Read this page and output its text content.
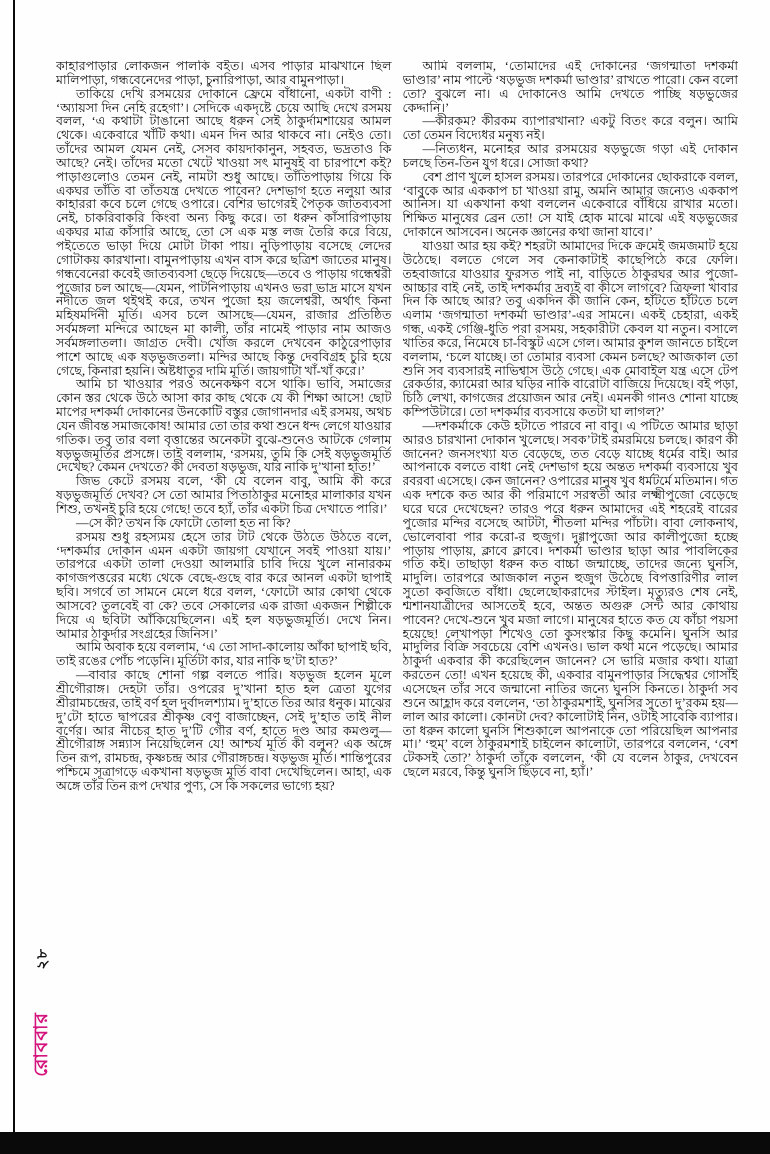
২৮
রোববার

কাহারপাড়ার লোকজন পালকি বইত। এসব পাড়ার মাঝখানে ছিল মালিপাড়া, গন্ধবেনেদের পাড়া, চুনারিপাড়া, আর বামুনপাড়া।

তাকিয়ে দেখি রসময়ের দোকানে ফ্রেমে বাঁধানো, একটা বাণী : ‘অ্যায়সা দিন নেহি রহেগা’। সেদিকে একদৃষ্টে চেয়ে আছি দেখে রসময় বলল, ‘এ কথাটা টাঙানো আছে ধরুন সেই ঠাকুর্দামশায়ের আমল থেকে। একেবারে খাঁটি কথা। এমন দিন আর থাকবে না। নেইও তো। তাঁদের আমল যেমন নেই, সেসব কায়দাকানুন, সহবত, ভদ্রতাও কি আছে? নেই। তাঁদের মতো খেটে খাওয়া সৎ মানুষই বা চারপাশে কই? পাড়াগুলোও তেমন নেই, নামটা শুধু আছে। তাঁতিপাড়ায় গিয়ে কি একঘর তাঁতি বা তাঁতযন্ত্র দেখতে পাবেন? দেশভাগ হতে নলুয়া আর কাহাররা কবে চলে গেছে ওপারে। বেশির ভাগেরই পৈতৃক জাতব্যবসা নেই, চাকরিবাকরি কিংবা অন্য কিছু করে। তা ধরুন কাঁসারিপাড়ায় একঘর মাত্র কাঁসারি আছে, তো সে এক মস্ত লজ তৈরি করে বিয়ে, পইতেতে ভাড়া দিয়ে মোটা টাকা পায়। নুড়িপাড়ায় বসেছে লেদের গোটাকয় কারখানা। বামুনপাড়ায় এখন বাস করে ছত্রিশ জাতের মানুষ। গন্ধবেনেরা কবেই জাতব্যবসা ছেড়ে দিয়েছে—তবে ও পাড়ায় গন্ধেশ্বরী পুজোর চল আছে—যেমন, পাটনিপাড়ায় এখনও ভরা ভাদ্র মাসে যখন নদীতে জল থইথই করে, তখন পুজো হয় জলেশ্বরী, অর্থাৎ কিনা মহিষমর্দিনী মূর্তি। এসব চলে আসছে—যেমন, রাজার প্রতিষ্ঠিত সর্বমঙ্গলা মন্দিরে আছেন মা কালী, তাঁর নামেই পাড়ার নাম আজও সর্বমঙ্গলাতলা। জাগ্রত দেবী। খোঁজ করলে দেখবেন কাঠুরেপাড়ার পাশে আছে এক ষড়ভুজতলা। মন্দির আছে কিন্তু দেববিগ্রহ চুরি হয়ে গেছে, কিনারা হয়নি। অষ্টধাতুর দামি মূর্তি। জায়গাটা খাঁ-খাঁ করে।’

আমি চা খাওয়ার পরও অনেকক্ষণ বসে থাকি। ভাবি, সমাজের কোন স্তর থেকে উঠে আসা কার কাছ থেকে যে কী শিক্ষা আসে! ছোট মাপের দশকর্মা দোকানের উনকোটি বস্তুর জোগানদার এই রসময়, অথচ যেন জীবন্ত সমাজকোষ! আমার তো তার কথা শুনে ধন্দ লেগে যাওয়ার গতিক। তবু তার বলা বৃত্তান্তের অনেকটা বুঝে-শুনেও আটকে গেলাম ষড়ভুজমূর্তির প্রসঙ্গে। তাই বললাম, ‘রসময়, তুমি কি সেই ষড়ভুজমূর্তি দেখেছ? কেমন দেখতে? কী দেবতা ষড়ভুজ, যার নাকি দু’খানা হাত!’

জিভ কেটে রসময় বলে, ‘কী যে বলেন বাবু, আমি কী করে ষড়ভুজমূর্তি দেখব? সে তো আমার পিতাঠাকুর মনোহর মালাকার যখন শিশু, তখনই চুরি হয়ে গেছে! তবে হ্যাঁ, তাঁর একটা চিত্র দেখাতে পারি।’

—সে কী? তখন কি ফোটো তোলা হত না কি?

রসময় শুধু রহস্যময় হেসে তার টাট থেকে উঠতে উঠতে বলে, ‘দশকর্মার দোকান এমন একটা জায়গা যেখানে সবই পাওয়া যায়।’ তারপরে একটা তালা দেওয়া আলমারি চাবি দিয়ে খুলে নানারকম কাগজপত্তরের মধ্যে থেকে বেছে-গুছে বার করে আনল একটা ছাপাই ছবি। সগর্বে তা সামনে মেলে ধরে বলল, ‘ফোটো আর কোথা থেকে আসবে? তুলবেই বা কে? তবে সেকালের এক রাজা একজন শিল্পীকে দিয়ে এ ছবিটা আঁকিয়েছিলেন। এই হল ষড়ভুজমূর্তি। দেখে নিন। আমার ঠাকুর্দার সংগ্রহের জিনিস।’

আমি অবাক হয়ে বললাম, ‘এ তো সাদা-কালোয় আঁকা ছাপাই ছবি, তাই রঙের পোঁচ পড়েনি। মূর্তিটা কার, যার নাকি ছ’টা হাত?’

—বাবার কাছে শোনা গল্প বলতে পারি। ষড়ভুজ হলেন মূলে শ্রীগৌরাঙ্গ। দেহটা তাঁর। ওপরের দু’খানা হাত হল ত্রেতা যুগের শ্রীরামচন্দ্রের, তাই বর্ণ হল দুর্বাদলশ্যাম। দু’হাতে তির আর ধনুক। মাঝের দু’টো হাতে দ্বাপরের শ্রীকৃষ্ণ বেণু বাজাচ্ছেন, সেই দু’হাত তাই নীল বর্ণের। আর নীচের হাত দু’টি গৌর বর্ণ, হাতে দণ্ড আর কমণ্ডলু—শ্রীগৌরাঙ্গ সন্ন্যাস নিয়েছিলেন যে! আশ্চর্য মূর্তি কী বলুন? এক অঙ্গে তিন রূপ, রামচন্দ্র, কৃষ্ণচন্দ্র আর গৌরাঙ্গচন্দ্র। ষড়ভুজ মূর্তি। শান্তিপুরের পশ্চিমে সূত্রাগড়ে একখানা ষড়ভুজ মূর্তি বাবা দেখেছিলেন। আহা, এক অঙ্গে তাঁর তিন রূপ দেখার পুণ্য, সে কি সকলের ভাগ্যে হয়?

আমি বললাম, ‘তোমাদের এই দোকানের ‘জগন্মাতা দশকর্মা ভাণ্ডার’ নাম পাল্টে ‘ষড়ভুজ দশকর্মা ভাণ্ডার’ রাখতে পারো। কেন বলো তো? বুঝলে না। এ দোকানেও আমি দেখতে পাচ্ছি ষড়ভুজের কেদ্দানি।’

—কীরকম? কীরকম ব্যাপারখানা? একটু বিতং করে বলুন। আমি তো তেমন বিদ্যেধর মনুষ্য নই।

—নিত্যধন, মনোহর আর রসময়ের ষড়ভুজে গড়া এই দোকান চলছে তিন-তিন যুগ ধরে। সোজা কথা?

বেশ প্রাণ খুলে হাসল রসময়। তারপরে দোকানের ছোকরাকে বলল, ‘বাবুকে আর এককাপ চা খাওয়া রামু, অমনি আমার জন্যেও এককাপ আনিস। যা একখানা কথা বললেন একেবারে বাঁধিয়ে রাখার মতো। শিক্ষিত মানুষের ব্রেন তো! সে যাই হোক মাঝে মাঝে এই ষড়ভুজের দোকানে আসবেন। অনেক জ্ঞানের কথা জানা যাবে।’

যাওয়া আর হয় কই? শহরটা আমাদের দিকে ক্রমেই জমজমাট হয়ে উঠেছে। বলতে গেলে সব কেনাকাটাই কাছেপিঠে করে ফেলি। তহবাজারে যাওয়ার ফুরসত পাই না, বাড়িতে ঠাকুরঘর আর পুজো-আচ্চার বাই নেই, তাই দশকর্মার দ্রব্যই বা কীসে লাগবে? ত্রিফলা খাবার দিন কি আছে আর? তবু একদিন কী জানি কেন, হাঁটতে হাঁটতে চলে এলাম ‘জগন্মাতা দশকর্মা ভাণ্ডার’-এর সামনে। একই চেহারা, একই গন্ধ, একই গেঞ্জি-ধুতি পরা রসময়, সহকারীটা কেবল যা নতুন। বসালে খাতির করে, নিমেষে চা-বিস্কুট এসে গেল। আমার কুশল জানতে চাইলে বললাম, ‘চলে যাচ্ছে। তা তোমার ব্যবসা কেমন চলছে? আজকাল তো শুনি সব ব্যবসারই নাভিশ্বাস উঠে গেছে। এক মোবাইল যন্ত্র এসে টেপ রেকর্ডার, ক্যামেরা আর ঘড়ির নাকি বারোটা বাজিয়ে দিয়েছে। বই পড়া, চিঠি লেখা, কাগজের প্রয়োজন আর নেই। এমনকী গানও শোনা যাচ্ছে কম্পিউটারে। তো দশকর্মার ব্যবসায়ে কতটা ঘা লাগল?’

—দশকর্মাকে কেউ হটাতে পারবে না বাবু। এ পটিতে আমার ছাড়া আরও চারখানা দোকান খুলেছে। সবক’টাই রমরমিয়ে চলছে। কারণ কী জানেন? জনসংখ্যা যত বেড়েছে, তত বেড়ে যাচ্ছে ধর্মের বাই। আর আপনাকে বলতে বাধা নেই দেশভাগ হয়ে অন্তত দশকর্মা ব্যবসায়ে খুব রবরবা এসেছে। কেন জানেন? ওপারের মানুষ খুব ধর্মটর্মে মতিমান। গত এক দশকে কত আর কী পরিমাণে সরস্বতী আর লক্ষ্মীপুজো বেড়েছে ঘরে ঘরে দেখেছেন? তারও পরে ধরুন আমাদের এই শহরেই বারের পুজোর মন্দির বসেছে আটটা, শীতলা মন্দির পাঁচটা। বাবা লোকনাথ, ভোলেবাবা পার করো-র হুজুগ। দুগ্গাপুজো আর কালীপুজো হচ্ছে পাড়ায় পাড়ায়, ক্লাবে ক্লাবে। দশকর্মা ভাণ্ডার ছাড়া আর পাবলিকের গতি কই। তাছাড়া ধরুন কত বাচ্চা জন্মাচ্ছে, তাদের জন্যে ঘুনসি, মাদুলি। তারপরে আজকাল নতুন হুজুগ উঠেছে বিপত্তারিণীর লাল সুতো কবজিতে বাঁধা। ছেলেছোকরাদের স্টাইল। মৃত্যুরও শেষ নেই, শ্মশানযাত্রীদের আসতেই হবে, অন্তত অগুরু সেন্ট আর কোথায় পাবেন? দেখে-শুনে খুব মজা লাগে। মানুষের হাতে কত যে কাঁচা পয়সা হয়েছে! লেখাপড়া শিখেও তো কুসংস্কার কিছু কমেনি। ঘুনসি আর মাদুলির বিক্রি সবচেয়ে বেশি এখনও। ভাল কথা মনে পড়েছে। আমার ঠাকুর্দা একবার কী করেছিলেন জানেন? সে ভারি মজার কথা। যাত্রা করতেন তো! এখন হয়েছে কী, একবার বামুনপাড়ার সিদ্ধেশ্বর গোসাঁই এসেছেন তাঁর সবে জন্মানো নাতির জন্যে ঘুনসি কিনতে। ঠাকুর্দা সব শুনে আহ্লাদ করে বললেন, ‘তা ঠাকুরমশাই, ঘুনসির সুতো দু’রকম হয়—লাল আর কালো। কোনটা দেব? কালোটাই নিন, ওটাই সাবেকি ব্যাপার। তা ধরুন কালো ঘুনসি শিশুকালে আপনাকে তো পরিয়েছিল আপনার মা।’ ‘হুম্’ বলে ঠাকুরমশাই চাইলেন কালোটা, তারপরে বললেন, ‘বেশ টেকসই তো?’ ঠাকুর্দা তাঁকে বললেন, ‘কী যে বলেন ঠাকুর, দেখবেন ছেলে মরবে, কিন্তু ঘুনসি ছিঁড়বে না, হ্যাঁ।’
